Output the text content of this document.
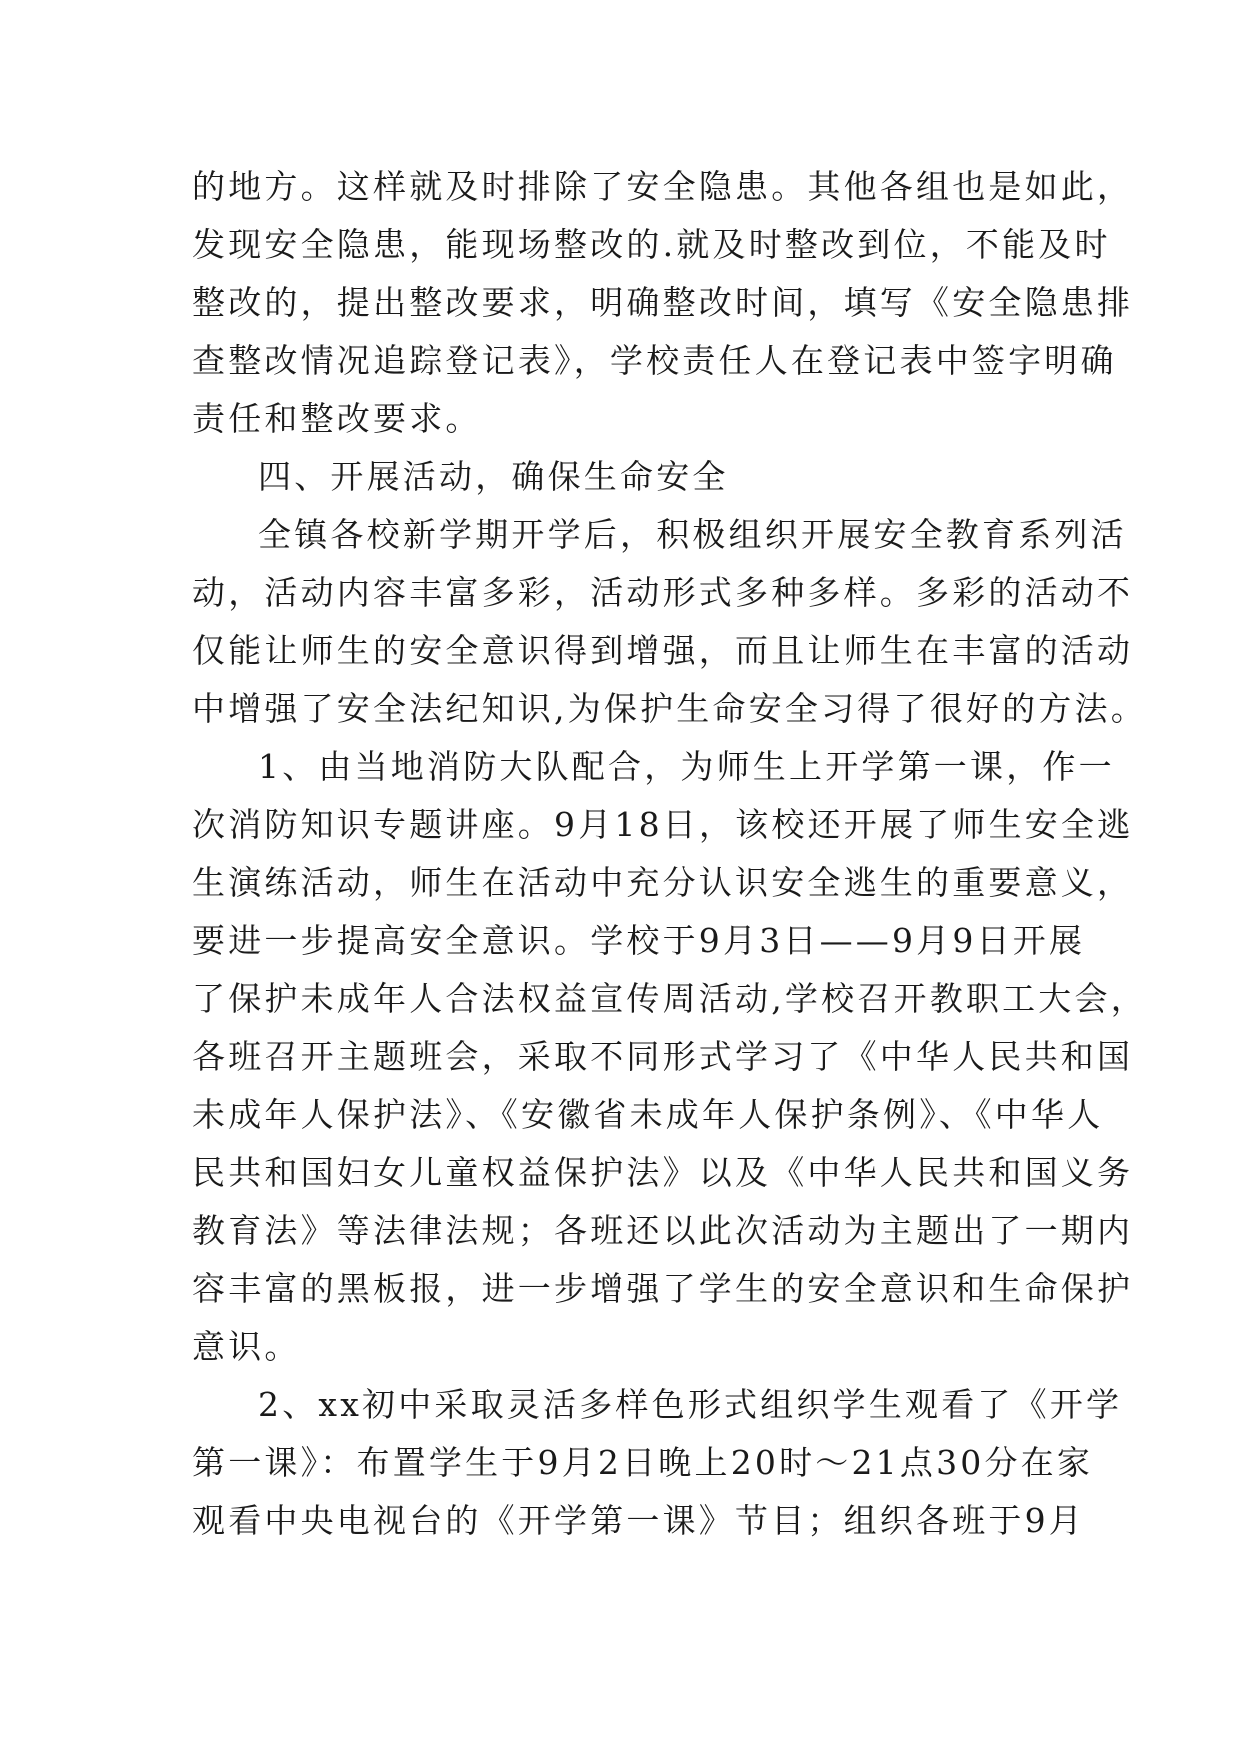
的地方。这样就及时排除了安全隐患。其他各组也是如此，
发现安全隐患，能现场整改的.就及时整改到位，不能及时
整改的，提出整改要求，明确整改时间，填写《安全隐患排
查整改情况追踪登记表》，学校责任人在登记表中签字明确
责任和整改要求。
四、开展活动，确保生命安全
全镇各校新学期开学后，积极组织开展安全教育系列活
动，活动内容丰富多彩，活动形式多种多样。多彩的活动不
仅能让师生的安全意识得到增强，而且让师生在丰富的活动
中增强了安全法纪知识,为保护生命安全习得了很好的方法。
1、由当地消防大队配合，为师生上开学第一课，作一
次消防知识专题讲座。9月18日，该校还开展了师生安全逃
生演练活动，师生在活动中充分认识安全逃生的重要意义，
要进一步提高安全意识。学校于9月3日——9月9日开展
了保护未成年人合法权益宣传周活动,学校召开教职工大会，
各班召开主题班会，采取不同形式学习了《中华人民共和国
未成年人保护法》、《安徽省未成年人保护条例》、《中华人
民共和国妇女儿童权益保护法》以及《中华人民共和国义务
教育法》等法律法规；各班还以此次活动为主题出了一期内
容丰富的黑板报，进一步增强了学生的安全意识和生命保护
意识。
2、xx初中采取灵活多样色形式组织学生观看了《开学
第一课》：布置学生于9月2日晚上20时～21点30分在家
观看中央电视台的《开学第一课》节目；组织各班于9月
